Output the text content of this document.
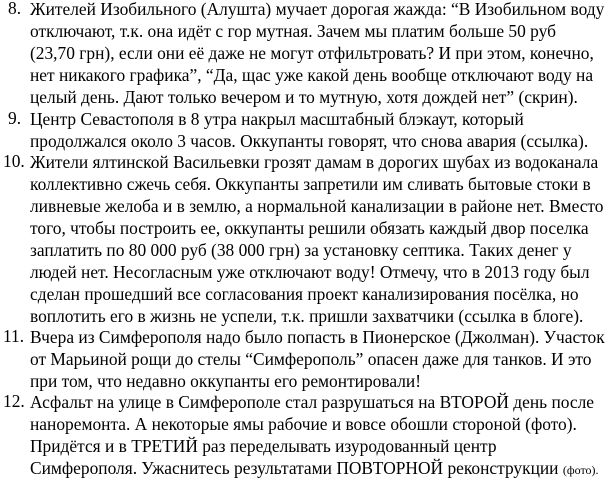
8. Жителей Изобильного (Алушта) мучает дорогая жажда: “В Изобильном воду
отключают, т.к. она идёт с гор мутная. Зачем мы платим больше 50 руб
(23,70 грн), если они её даже не могут отфильтровать? И при этом, конечно,
нет никакого графика”, “Да, щас уже какой день вообще отключают воду на
целый день. Дают только вечером и то мутную, хотя дождей нет” (скрин).
9. Центр Севастополя в 8 утра накрыл масштабный блэкаут, который
продолжался около 3 часов. Оккупанты говорят, что снова авария (ссылка).
10. Жители ялтинской Васильевки грозят дамам в дорогих шубах из водоканала
коллективно сжечь себя. Оккупанты запретили им сливать бытовые стоки в
ливневые желоба и в землю, а нормальной канализации в районе нет. Вместо
того, чтобы построить ее, оккупанты решили обязать каждый двор поселка
заплатить по 80 000 руб (38 000 грн) за установку септика. Таких денег у
людей нет. Несогласным уже отключают воду! Отмечу, что в 2013 году был
сделан прошедший все согласования проект канализирования посёлка, но
воплотить его в жизнь не успели, т.к. пришли захватчики (ссылка в блоге).
11. Вчера из Симферополя надо было попасть в Пионерское (Джолман). Участок
от Марьиной рощи до стелы “Симферополь” опасен даже для танков. И это
при том, что недавно оккупанты его ремонтировали!
12. Асфальт на улице в Симферополе стал разрушаться на ВТОРОЙ день после
наноремонта. А некоторые ямы рабочие и вовсе обошли стороной (фото).
Придётся и в ТРЕТИЙ раз переделывать изуродованный центр
Симферополя. Ужаснитесь результатами ПОВТОРНОЙ реконструкции (фото).
